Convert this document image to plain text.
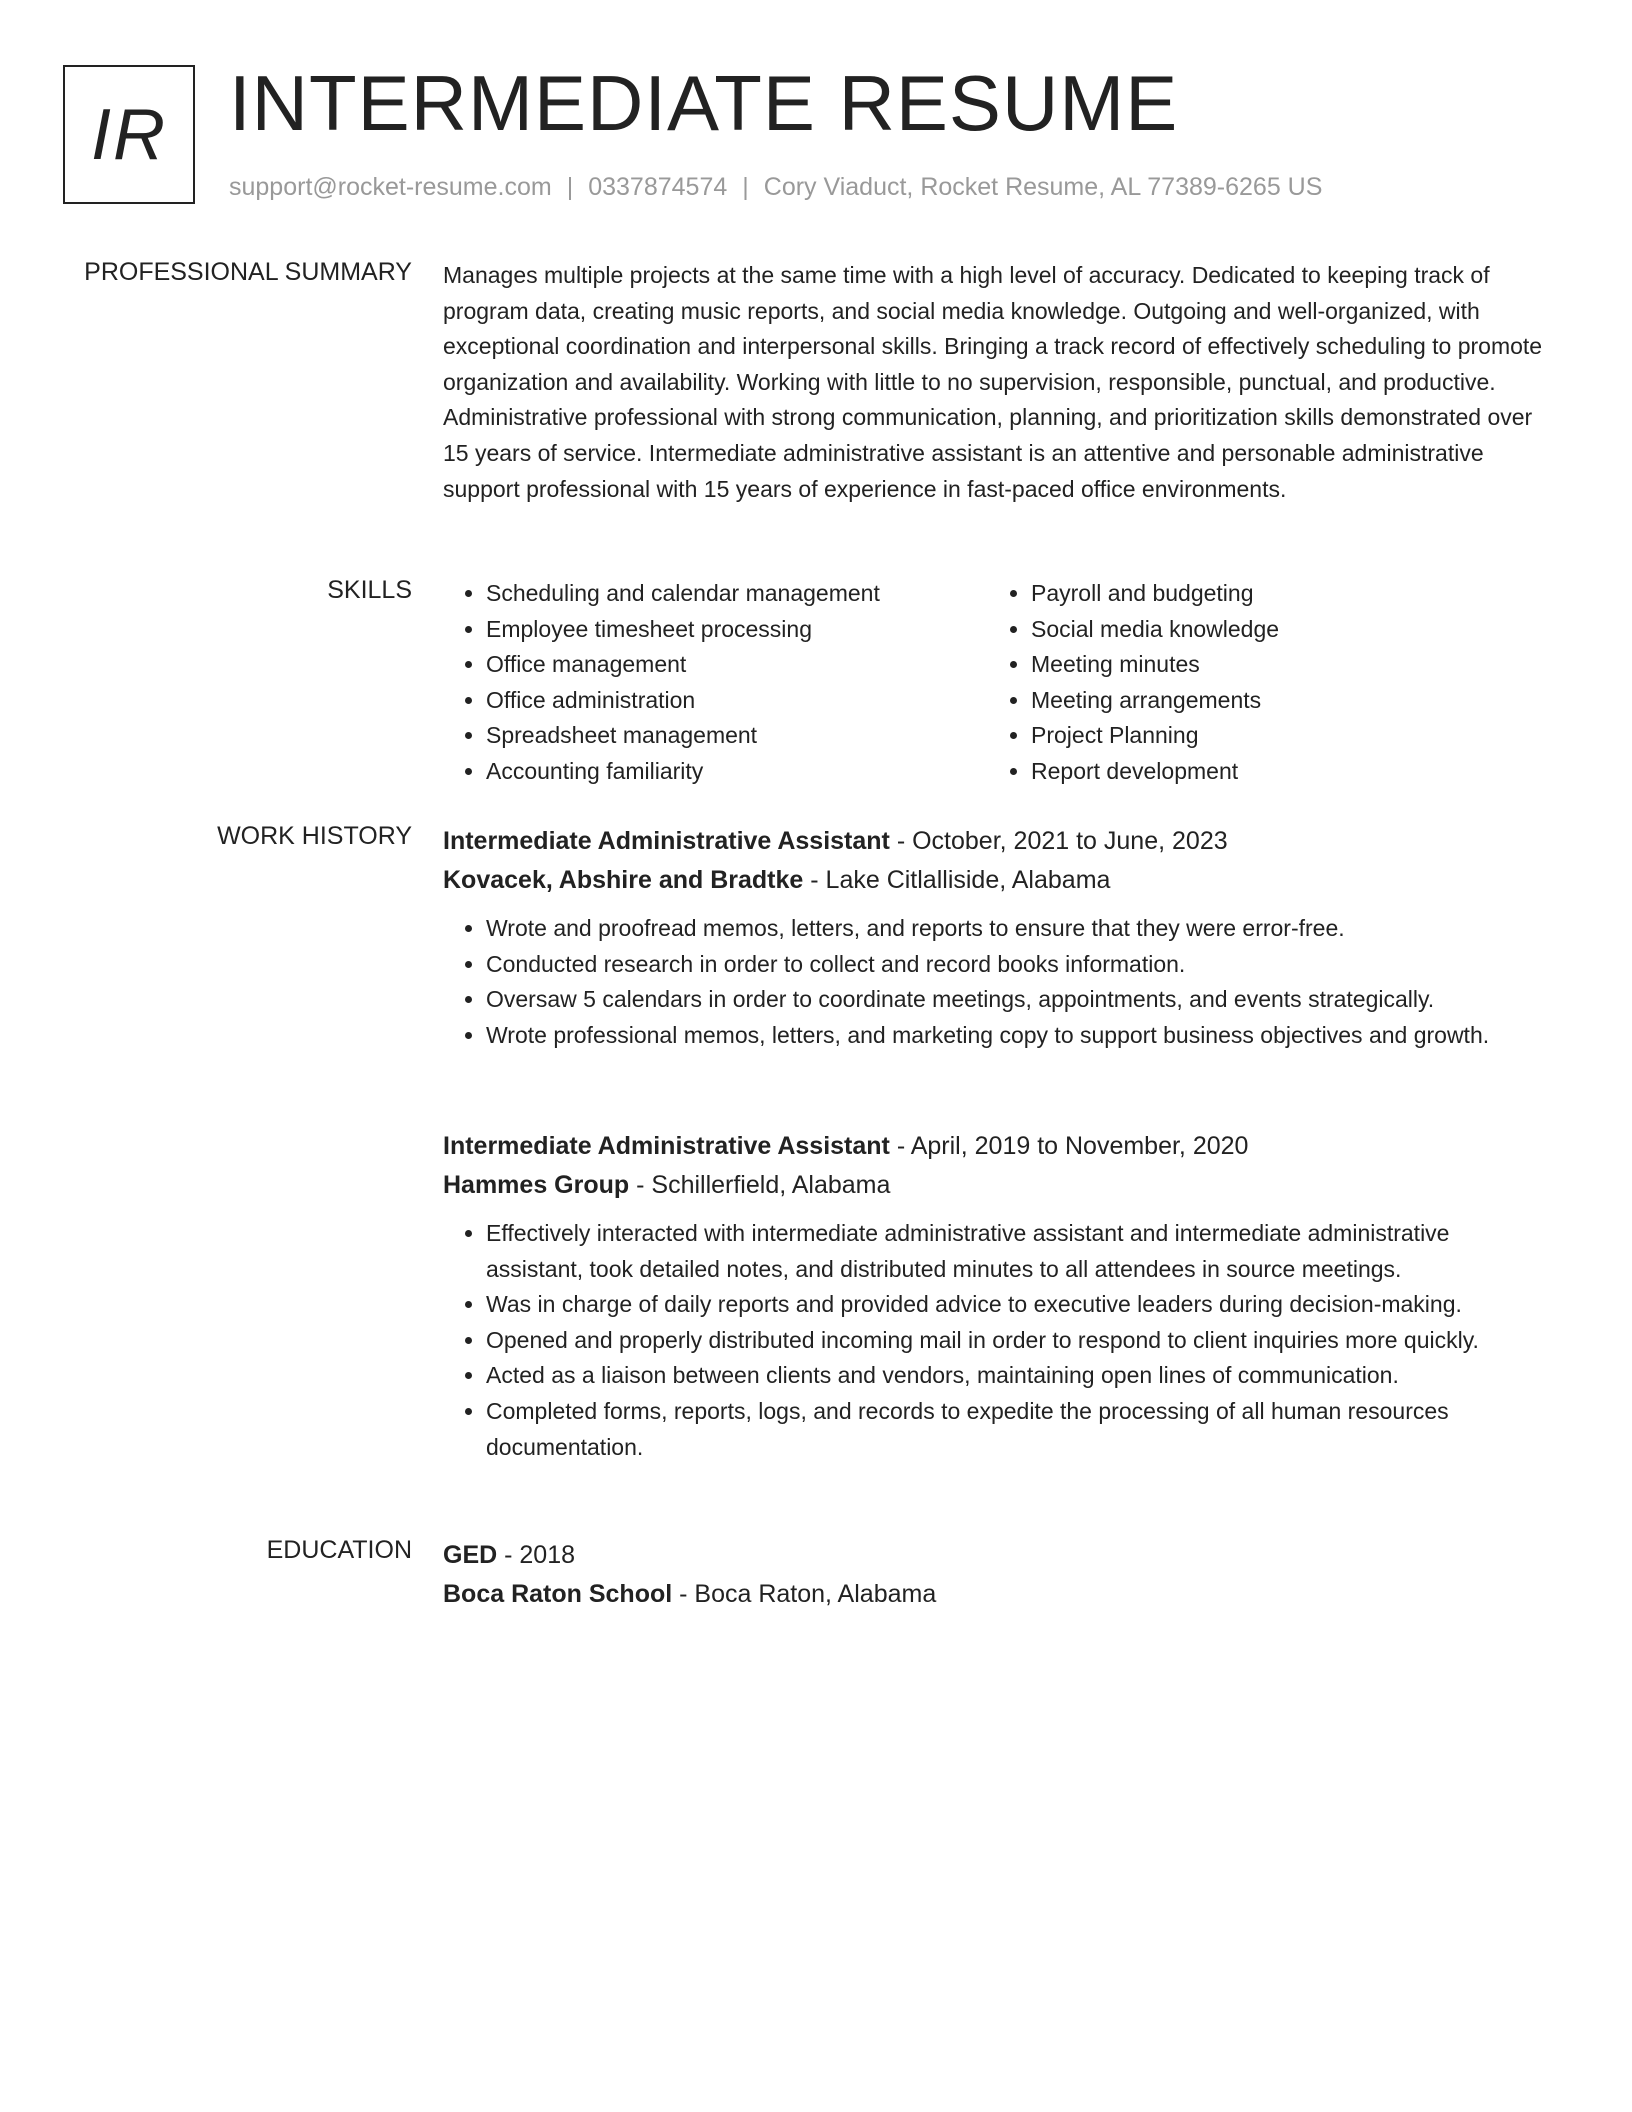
IR INTERMEDIATE RESUME
support@rocket-resume.com | 0337874574 | Cory Viaduct, Rocket Resume, AL 77389-6265 US
PROFESSIONAL SUMMARY Manages multiple projects at the same time with a high level of accuracy. Dedicated to keeping track of program data, creating music reports, and social media knowledge. Outgoing and well-organized, with exceptional coordination and interpersonal skills. Bringing a track record of effectively scheduling to promote organization and availability. Working with little to no supervision, responsible, punctual, and productive. Administrative professional with strong communication, planning, and prioritization skills demonstrated over 15 years of service. Intermediate administrative assistant is an attentive and personable administrative support professional with 15 years of experience in fast-paced office environments.

SKILLS
•	Scheduling and calendar management
• Employee timesheet processing
• Office management
• Office administration
• Spreadsheet management
• Accounting familiarity
• Payroll and budgeting
• Social media knowledge
• Meeting minutes
• Meeting arrangements
• Project Planning
• Report development
WORK HISTORY Intermediate Administrative Assistant - October, 2021 to June, 2023
Kovacek, Abshire and Bradtke - Lake Citlalliside, Alabama
• Wrote and proofread memos, letters, and reports to ensure that they were error-free.
• Conducted research in order to collect and record books information.
• Oversaw 5 calendars in order to coordinate meetings, appointments, and events strategically.
• Wrote professional memos, letters, and marketing copy to support business objectives and growth.
Intermediate Administrative Assistant - April, 2019 to November, 2020
Hammes Group - Schillerfield, Alabama
• Effectively interacted with intermediate administrative assistant and intermediate administrative assistant, took detailed notes, and distributed minutes to all attendees in source meetings.
• Was in charge of daily reports and provided advice to executive leaders during decision-making.
• Opened and properly distributed incoming mail in order to respond to client inquiries more quickly.
• Acted as a liaison between clients and vendors, maintaining open lines of communication.
• Completed forms, reports, logs, and records to expedite the processing of all human resources documentation.
EDUCATION GED - 2018
Boca Raton School - Boca Raton, Alabama
